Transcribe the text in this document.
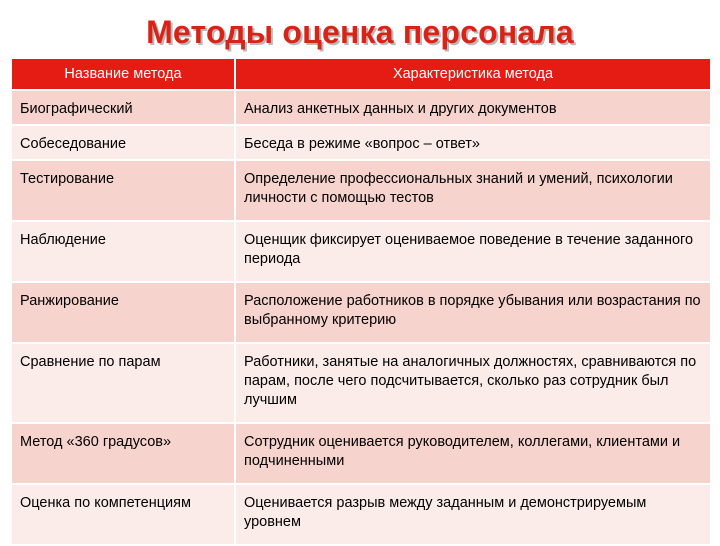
Методы оценка персонала
Название метода	Характеристика метода
Биографический	Анализ анкетных данных и других документов
Собеседование	Беседа в режиме «вопрос – ответ»
Тестирование	Определение профессиональных знаний и умений, психологии личности с помощью тестов
Наблюдение	Оценщик фиксирует оцениваемое поведение в течение заданного периода
Ранжирование	Расположение работников в порядке убывания или возрастания по выбранному критерию
Сравнение по парам	Работники, занятые на аналогичных должностях, сравниваются по парам, после чего подсчитывается, сколько раз сотрудник был лучшим
Метод «360 градусов»	Сотрудник оценивается руководителем, коллегами, клиентами и подчиненными
Оценка по компетенциям	Оценивается разрыв между заданным и демонстрируемым уровнем
